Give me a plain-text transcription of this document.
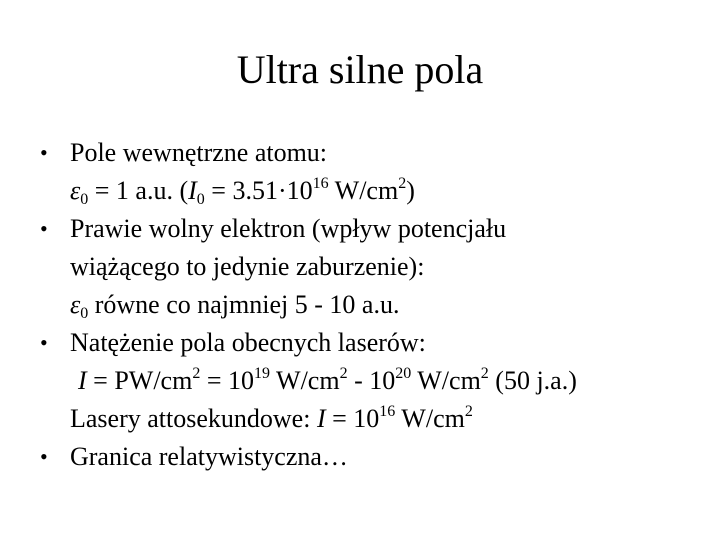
Ultra silne pola
• Pole wewnętrzne atomu:
$\varepsilon_0 = 1$ a.u. ($I_0 = 3.51\cdot 10^{16}$ $W/cm^2$)
• Prawie wolny elektron (wpływ potencjału
wiążącego to jedynie zaburzenie):
$\varepsilon_0$ równe co najmniej 5 - 10 a.u.
• Natężenie pola obecnych laserów:
$I = PW/cm^2 = 10^{19}$ $W/cm^2 - 10^{20}$ $W/cm^2$ (50 j.a.)
Lasery attosekundowe: $I = 10^{16}$ $W/cm^2$
• Granica relatywistyczna…
